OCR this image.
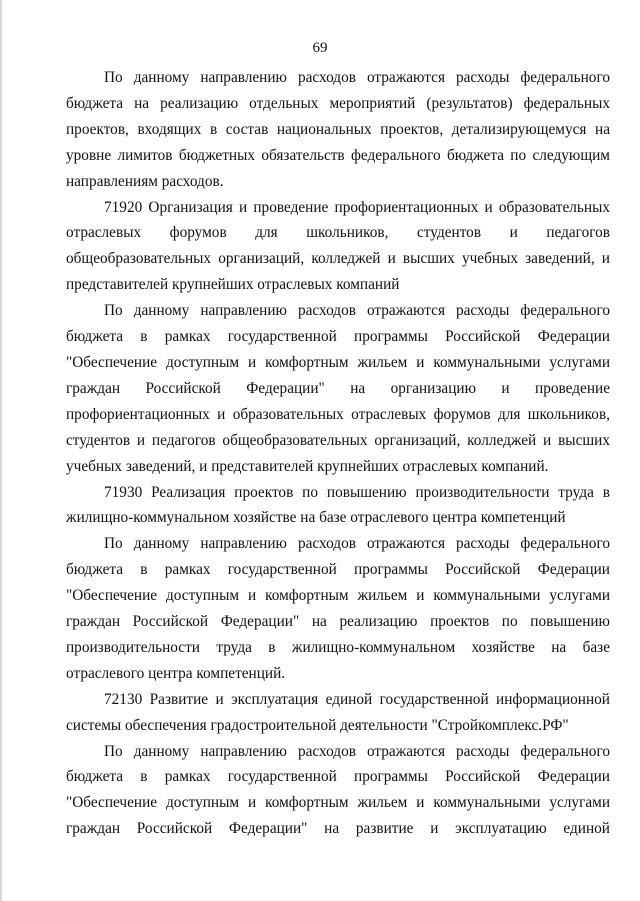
69

По данному направлению расходов отражаются расходы федерального бюджета на реализацию отдельных мероприятий (результатов) федеральных проектов, входящих в состав национальных проектов, детализирующемуся на уровне лимитов бюджетных обязательств федерального бюджета по следующим направлениям расходов.

71920 Организация и проведение профориентационных и образовательных отраслевых форумов для школьников, студентов и педагогов общеобразовательных организаций, колледжей и высших учебных заведений, и представителей крупнейших отраслевых компаний

По данному направлению расходов отражаются расходы федерального бюджета в рамках государственной программы Российской Федерации "Обеспечение доступным и комфортным жильем и коммунальными услугами граждан Российской Федерации" на организацию и проведение профориентационных и образовательных отраслевых форумов для школьников, студентов и педагогов общеобразовательных организаций, колледжей и высших учебных заведений, и представителей крупнейших отраслевых компаний.

71930 Реализация проектов по повышению производительности труда в жилищно-коммунальном хозяйстве на базе отраслевого центра компетенций

По данному направлению расходов отражаются расходы федерального бюджета в рамках государственной программы Российской Федерации "Обеспечение доступным и комфортным жильем и коммунальными услугами граждан Российской Федерации" на реализацию проектов по повышению производительности труда в жилищно-коммунальном хозяйстве на базе отраслевого центра компетенций.

72130 Развитие и эксплуатация единой государственной информационной системы обеспечения градостроительной деятельности "Стройкомплекс.РФ"

По данному направлению расходов отражаются расходы федерального бюджета в рамках государственной программы Российской Федерации "Обеспечение доступным и комфортным жильем и коммунальными услугами граждан Российской Федерации" на развитие и эксплуатацию единой
